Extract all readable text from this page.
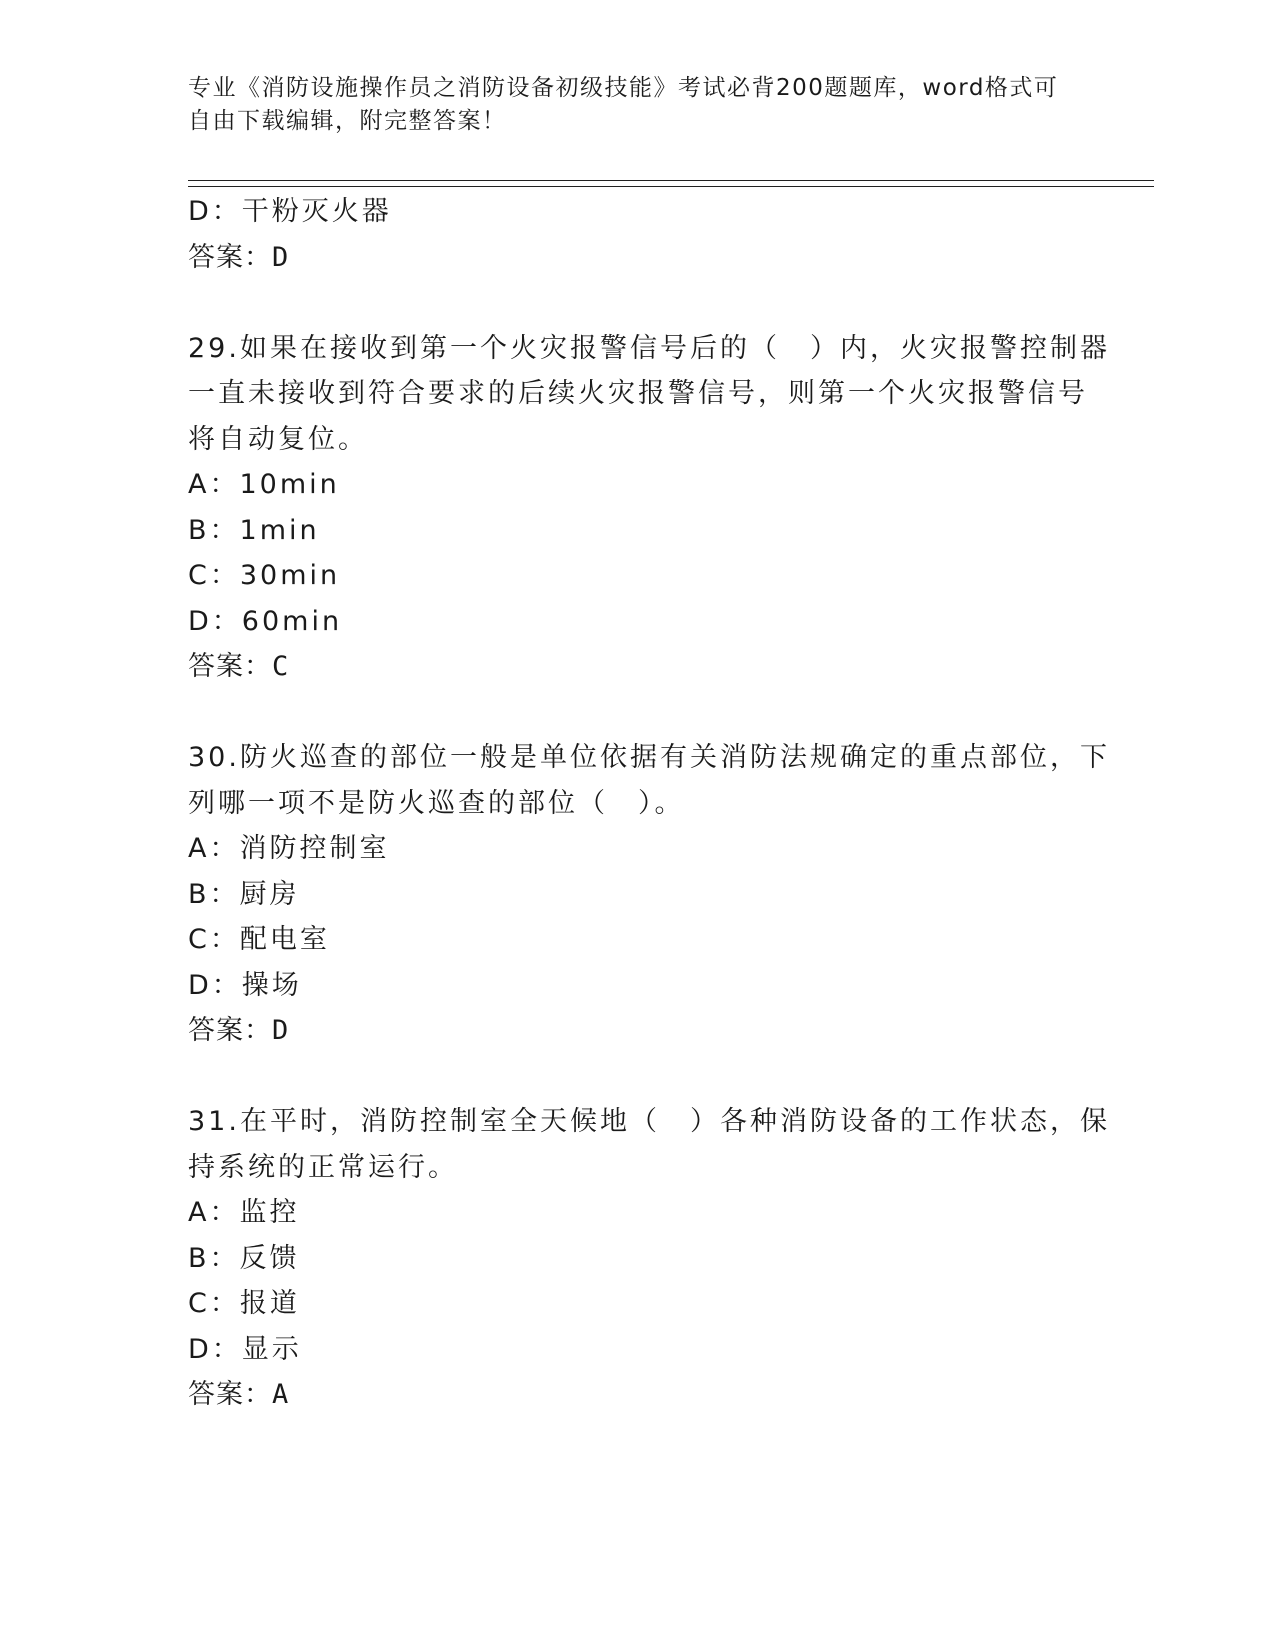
专业《消防设施操作员之消防设备初级技能》考试必背200题题库，word格式可
自由下载编辑，附完整答案！
D：干粉灭火器
答案：D
29.如果在接收到第一个火灾报警信号后的（　）内，火灾报警控制器
一直未接收到符合要求的后续火灾报警信号，则第一个火灾报警信号
将自动复位。
A：10min
B：1min
C：30min
D：60min
答案：C
30.防火巡查的部位一般是单位依据有关消防法规确定的重点部位，下
列哪一项不是防火巡查的部位（　）。
A：消防控制室
B：厨房
C：配电室
D：操场
答案：D
31.在平时，消防控制室全天候地（　）各种消防设备的工作状态，保
持系统的正常运行。
A：监控
B：反馈
C：报道
D：显示
答案：A
